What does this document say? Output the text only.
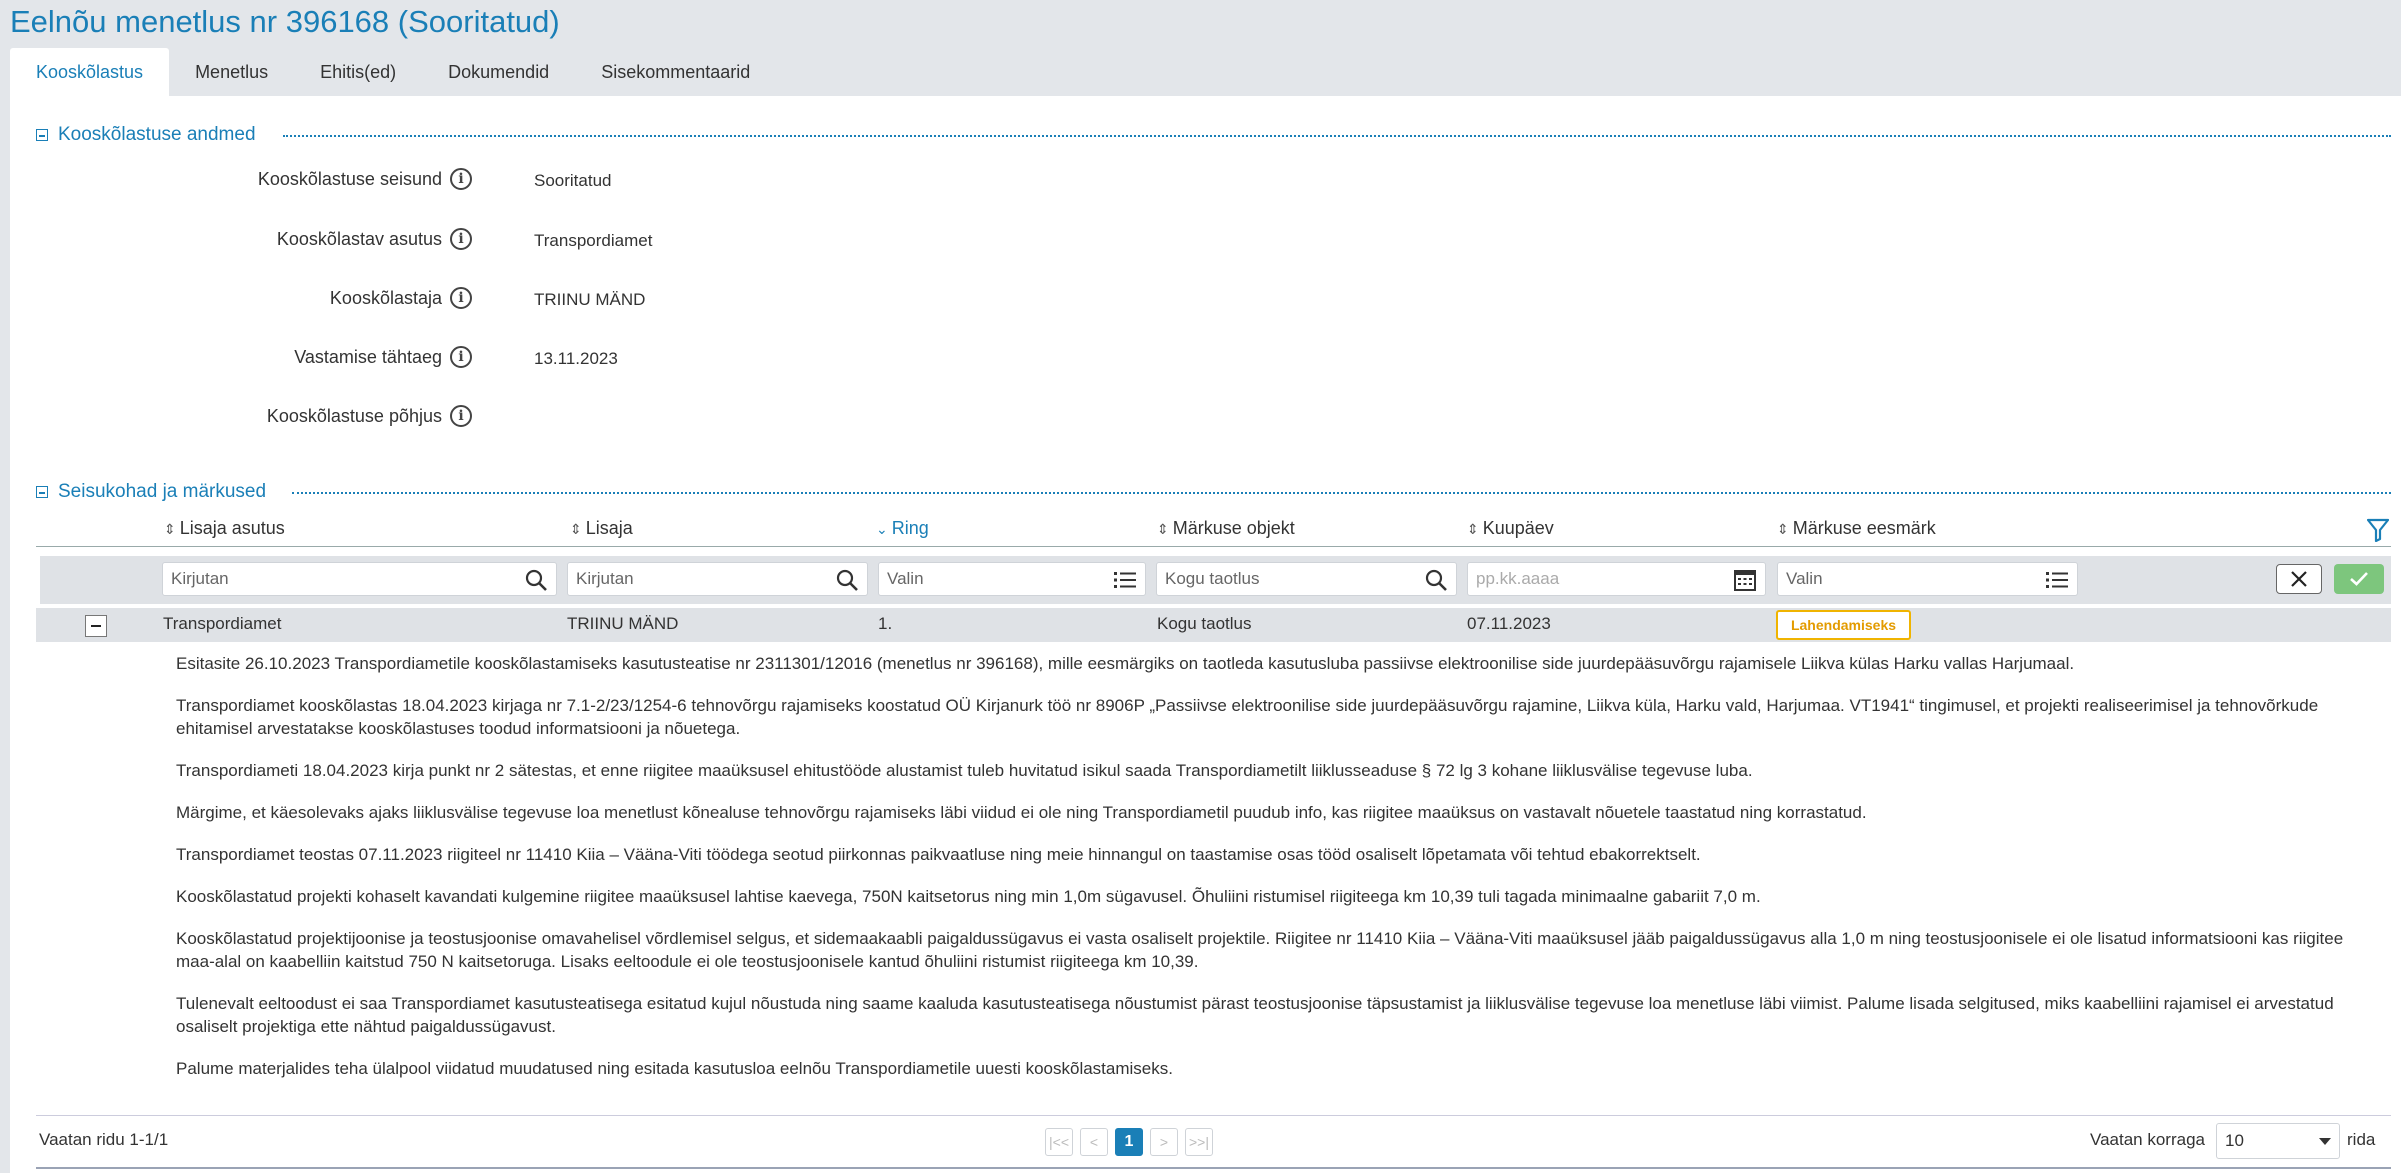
Eelnõu menetlus nr 396168 (Sooritatud)
Kooskõlastus	Menetlus	Ehitis(ed)	Dokumendid	Sisekommentaarid
Kooskõlastuse andmed
Kooskõlastuse seisund	i	Sooritatud
Kooskõlastav asutus	i	Transpordiamet
Kooskõlastaja	i	TRIINU MÄND
Vastamise tähtaeg	i	13.11.2023
Kooskõlastuse põhjus	i
Seisukohad ja märkused
⇕ Lisaja asutus	⇕ Lisaja	⌄ Ring	⇕ Märkuse objekt	⇕ Kuupäev	⇕ Märkuse eesmärk
Kirjutan	Kirjutan	Valin	Kogu taotlus	pp.kk.aaaa	Valin
Transpordiamet	TRIINU MÄND	1.	Kogu taotlus	07.11.2023	Lahendamiseks

Esitasite 26.10.2023 Transpordiametile kooskõlastamiseks kasutusteatise nr 2311301/12016 (menetlus nr 396168), mille eesmärgiks on taotleda kasutusluba passiivse elektroonilise side juurdepääsuvõrgu rajamisele Liikva külas Harku vallas Harjumaal.

Transpordiamet kooskõlastas 18.04.2023 kirjaga nr 7.1-2/23/1254-6 tehnovõrgu rajamiseks koostatud OÜ Kirjanurk töö nr 8906P „Passiivse elektroonilise side juurdepääsuvõrgu rajamine, Liikva küla, Harku vald, Harjumaa. VT1941“ tingimusel, et projekti realiseerimisel ja tehnovõrkude ehitamisel arvestatakse kooskõlastuses toodud informatsiooni ja nõuetega.

Transpordiameti 18.04.2023 kirja punkt nr 2 sätestas, et enne riigitee maaüksusel ehitustööde alustamist tuleb huvitatud isikul saada Transpordiametilt liiklusseaduse § 72 lg 3 kohane liiklusvälise tegevuse luba.

Märgime, et käesolevaks ajaks liiklusvälise tegevuse loa menetlust kõnealuse tehnovõrgu rajamiseks läbi viidud ei ole ning Transpordiametil puudub info, kas riigitee maaüksus on vastavalt nõuetele taastatud ning korrastatud.

Transpordiamet teostas 07.11.2023 riigiteel nr 11410 Kiia – Vääna-Viti töödega seotud piirkonnas paikvaatluse ning meie hinnangul on taastamise osas tööd osaliselt lõpetamata või tehtud ebakorrektselt.

Kooskõlastatud projekti kohaselt kavandati kulgemine riigitee maaüksusel lahtise kaevega, 750N kaitsetorus ning min 1,0m sügavusel. Õhuliini ristumisel riigiteega km 10,39 tuli tagada minimaalne gabariit 7,0 m.

Kooskõlastatud projektijoonise ja teostusjoonise omavahelisel võrdlemisel selgus, et sidemaakaabli paigaldussügavus ei vasta osaliselt projektile. Riigitee nr 11410 Kiia – Vääna-Viti maaüksusel jääb paigaldussügavus alla 1,0 m ning teostusjoonisele ei ole lisatud informatsiooni kas riigitee maa-alal on kaabelliin kaitstud 750 N kaitsetoruga. Lisaks eeltoodule ei ole teostusjoonisele kantud õhuliini ristumist riigiteega km 10,39.

Tulenevalt eeltoodust ei saa Transpordiamet kasutusteatisega esitatud kujul nõustuda ning saame kaaluda kasutusteatisega nõustumist pärast teostusjoonise täpsustamist ja liiklusvälise tegevuse loa menetluse läbi viimist. Palume lisada selgitused, miks kaabelliini rajamisel ei arvestatud osaliselt projektiga ette nähtud paigaldussügavust.

Palume materjalides teha ülalpool viidatud muudatused ning esitada kasutusloa eelnõu Transpordiametile uuesti kooskõlastamiseks.

Vaatan ridu 1-1/1	|<<	<	1	>	>>|	Vaatan korraga 10	rida
